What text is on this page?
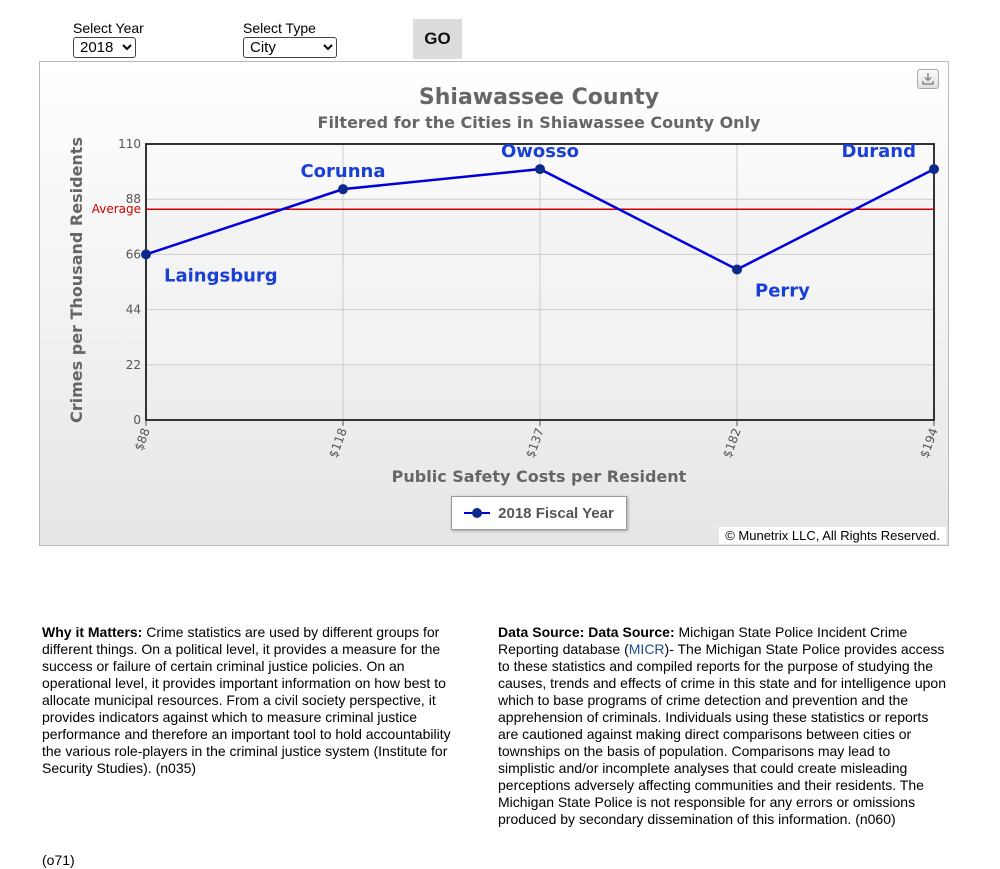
Select Year
2018	Select Type
City
GO
Shiawassee County
Filtered for the Cities in Shiawassee County Only
0
22
44
66
88
110
$88	$118	$137	$182	$194
Average
Laingsburg
Corunna
Owosso
Perry
Durand
Public Safety Costs per Resident
Crimes per Thousand Residents
2018 Fiscal Year
© Munetrix LLC, All Rights Reserved.
Why it Matters: Crime statistics are used by different groups for different things. On a political level, it provides a measure for the success or failure of certain criminal justice policies. On an operational level, it provides important information on how best to allocate municipal resources. From a civil society perspective, it provides indicators against which to measure criminal justice performance and therefore an important tool to hold accountability the various role-players in the criminal justice system (Institute for Security Studies). (n035)
Data Source: Data Source: Michigan State Police Incident Crime Reporting database (MICR)- The Michigan State Police provides access to these statistics and compiled reports for the purpose of studying the causes, trends and effects of crime in this state and for intelligence upon which to base programs of crime detection and prevention and the apprehension of criminals. Individuals using these statistics or reports are cautioned against making direct comparisons between cities or townships on the basis of population. Comparisons may lead to simplistic and/or incomplete analyses that could create misleading perceptions adversely affecting communities and their residents. The Michigan State Police is not responsible for any errors or omissions produced by secondary dissemination of this information. (n060)
(o71)
